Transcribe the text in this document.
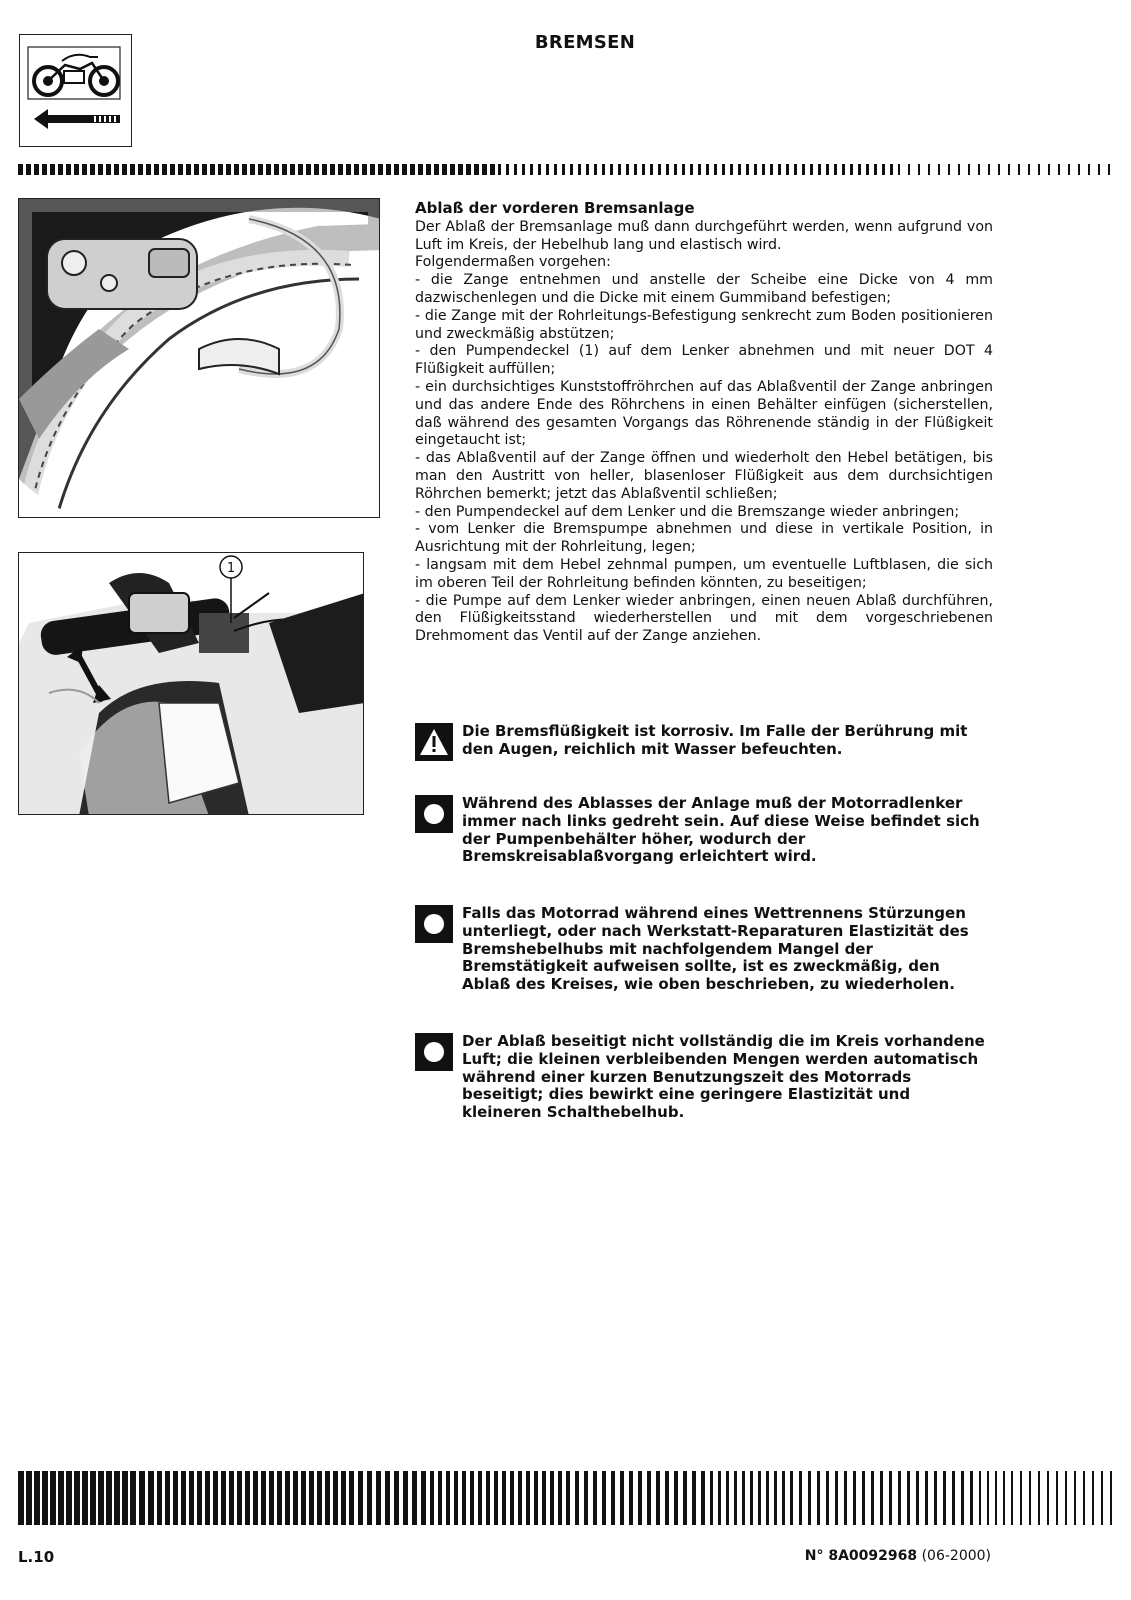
BREMSEN
1
Ablaß der vorderen Bremsanlage

Der Ablaß der Bremsanlage muß dann durchgeführt werden, wenn aufgrund von Luft im Kreis, der Hebelhub lang und elastisch wird.

Folgendermaßen vorgehen:

- die Zange entnehmen und anstelle der Scheibe eine Dicke von 4 mm dazwischenlegen und die Dicke mit einem Gummiband befestigen;

- die Zange mit der Rohrleitungs-Befestigung senkrecht zum Boden positionieren und zweckmäßig abstützen;

- den Pumpendeckel (1) auf dem Lenker abnehmen und mit neuer DOT 4 Flüßigkeit auffüllen;

- ein durchsichtiges Kunststoffröhrchen auf das Ablaßventil der Zange anbringen und das andere Ende des Röhrchens in einen Behälter einfügen (sicherstellen, daß während des gesamten Vorgangs das Röhrenende ständig in der Flüßigkeit eingetaucht ist;

- das Ablaßventil auf der Zange öffnen und wiederholt den Hebel betätigen, bis man den Austritt von heller, blasenloser Flüßigkeit aus dem durchsichtigen Röhrchen bemerkt; jetzt das Ablaßventil schließen;

- den Pumpendeckel auf dem Lenker und die Bremszange wieder anbringen;

- vom Lenker die Bremspumpe abnehmen und diese in vertikale Position, in Ausrichtung mit der Rohrleitung, legen;

- langsam mit dem Hebel zehnmal pumpen, um eventuelle Luftblasen, die sich im oberen Teil der Rohrleitung befinden könnten, zu beseitigen;

- die Pumpe auf dem Lenker wieder anbringen, einen neuen Ablaß durchführen, den Flüßigkeitsstand wiederherstellen und mit dem vorgeschriebenen Drehmoment das Ventil auf der Zange anziehen.

Die Bremsflüßigkeit ist korrosiv. Im Falle der Berührung mit den Augen, reichlich mit Wasser befeuchten.
Während des Ablasses der Anlage muß der Motorradlenker immer nach links gedreht sein. Auf diese Weise befindet sich der Pumpenbehälter höher, wodurch der Bremskreisablaßvorgang erleichtert wird.
Falls das Motorrad während eines Wettrennens Stürzungen unterliegt, oder nach Werkstatt-Reparaturen Elastizität des Bremshebelhubs mit nachfolgendem Mangel der Bremstätigkeit aufweisen sollte, ist es zweckmäßig, den Ablaß des Kreises, wie oben beschrieben, zu wiederholen.
Der Ablaß beseitigt nicht vollständig die im Kreis vorhandene Luft; die kleinen verbleibenden Mengen werden automatisch während einer kurzen Benutzungszeit des Motorrads beseitigt; dies bewirkt eine geringere Elastizität und kleineren Schalthebelhub.
L.10	N° 8A0092968 (06-2000)
